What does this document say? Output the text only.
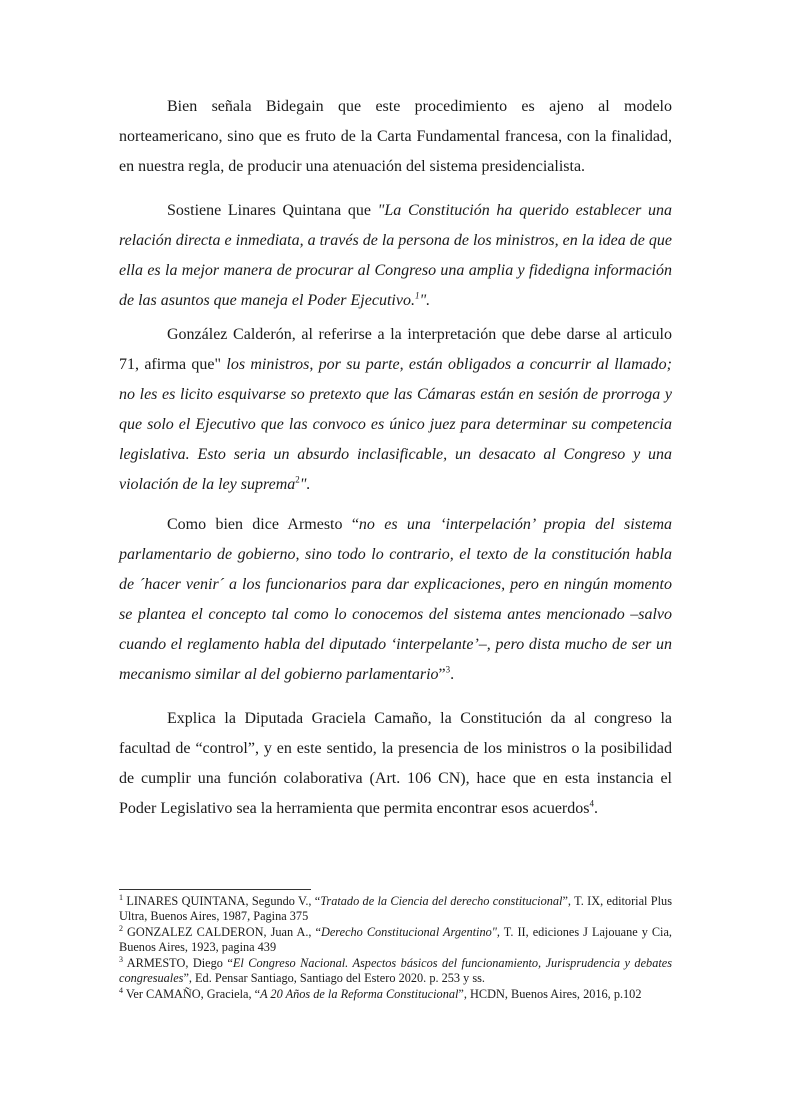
Bien señala Bidegain que este procedimiento es ajeno al modelo norteamericano, sino que es fruto de la Carta Fundamental francesa, con la finalidad, en nuestra regla, de producir una atenuación del sistema presidencialista.

Sostiene Linares Quintana que "La Constitución ha querido establecer una relación directa e inmediata, a través de la persona de los ministros, en la idea de que ella es la mejor manera de procurar al Congreso una amplia y fidedigna información de las asuntos que maneja el Poder Ejecutivo.$^1$".

González Calderón, al referirse a la interpretación que debe darse al articulo 71, afirma que" los ministros, por su parte, están obligados a concurrir al llamado; no les es licito esquivarse so pretexto que las Cámaras están en sesión de prorroga y que solo el Ejecutivo que las convoco es único juez para determinar su competencia legislativa. Esto seria un absurdo inclasificable, un desacato al Congreso y una violación de la ley suprema$^2$".

Como bien dice Armesto “no es una ‘interpelación’ propia del sistema parlamentario de gobierno, sino todo lo contrario, el texto de la constitución habla de ´hacer venir´ a los funcionarios para dar explicaciones, pero en ningún momento se plantea el concepto tal como lo conocemos del sistema antes mencionado –salvo cuando el reglamento habla del diputado ‘interpelante’–, pero dista mucho de ser un mecanismo similar al del gobierno parlamentario”$^3$.

Explica la Diputada Graciela Camaño, la Constitución da al congreso la facultad de “control”, y en este sentido, la presencia de los ministros o la posibilidad de cumplir una función colaborativa (Art. 106 CN), hace que en esta instancia el Poder Legislativo sea la herramienta que permita encontrar esos acuerdos$^4$.

$^1$ LINARES QUINTANA, Segundo V., “Tratado de la Ciencia del derecho constitucional”, T. IX, editorial Plus Ultra, Buenos Aires, 1987, Pagina 375

$^2$ GONZALEZ CALDERON, Juan A., “Derecho Constitucional Argentino", T. II, ediciones J Lajouane y Cia, Buenos Aires, 1923, pagina 439

$^3$ ARMESTO, Diego “El Congreso Nacional. Aspectos básicos del funcionamiento, Jurisprudencia y debates congresuales”, Ed. Pensar Santiago, Santiago del Estero 2020. p. 253 y ss.

$^4$ Ver CAMAÑO, Graciela, “A 20 Años de la Reforma Constitucional”, HCDN, Buenos Aires, 2016, p.102
